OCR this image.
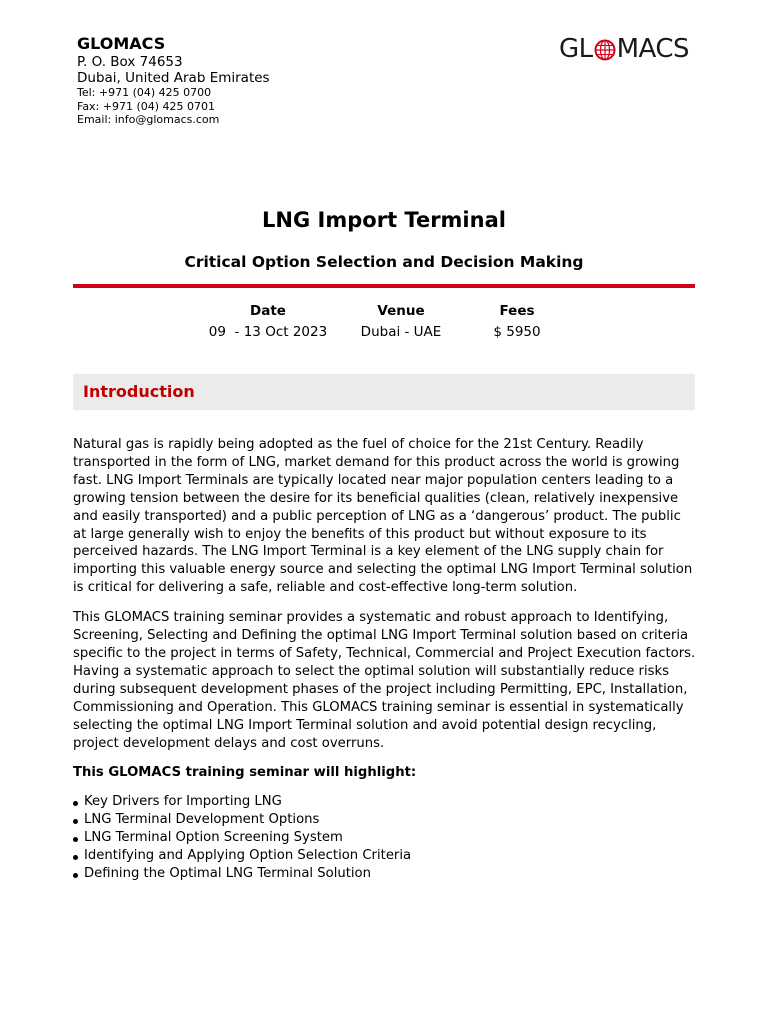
GLOMACS

P. O. Box 74653

Dubai, United Arab Emirates

Tel: +971 (04) 425 0700

Fax: +971 (04) 425 0701

Email: info@glomacs.com

GL MACS
LNG Import Terminal
Critical Option Selection and Decision Making

Date

09  - 13 Oct 2023

Venue

Dubai - UAE

Fees

$ 5950

Introduction

Natural gas is rapidly being adopted as the fuel of choice for the 21st Century. Readily transported in the form of LNG, market demand for this product across the world is growing fast. LNG Import Terminals are typically located near major population centers leading to a growing tension between the desire for its beneficial qualities (clean, relatively inexpensive and easily transported) and a public perception of LNG as a ‘dangerous’ product. The public at large generally wish to enjoy the benefits of this product but without exposure to its perceived hazards. The LNG Import Terminal is a key element of the LNG supply chain for importing this valuable energy source and selecting the optimal LNG Import Terminal solution is critical for delivering a safe, reliable and cost-effective long-term solution.

This GLOMACS training seminar provides a systematic and robust approach to Identifying, Screening, Selecting and Defining the optimal LNG Import Terminal solution based on criteria specific to the project in terms of Safety, Technical, Commercial and Project Execution factors. Having a systematic approach to select the optimal solution will substantially reduce risks during subsequent development phases of the project including Permitting, EPC, Installation, Commissioning and Operation. This GLOMACS training seminar is essential in systematically selecting the optimal LNG Import Terminal solution and avoid potential design recycling, project development delays and cost overruns.

This GLOMACS training seminar will highlight:

Key Drivers for Importing LNG
LNG Terminal Development Options
LNG Terminal Option Screening System
Identifying and Applying Option Selection Criteria
Defining the Optimal LNG Terminal Solution
